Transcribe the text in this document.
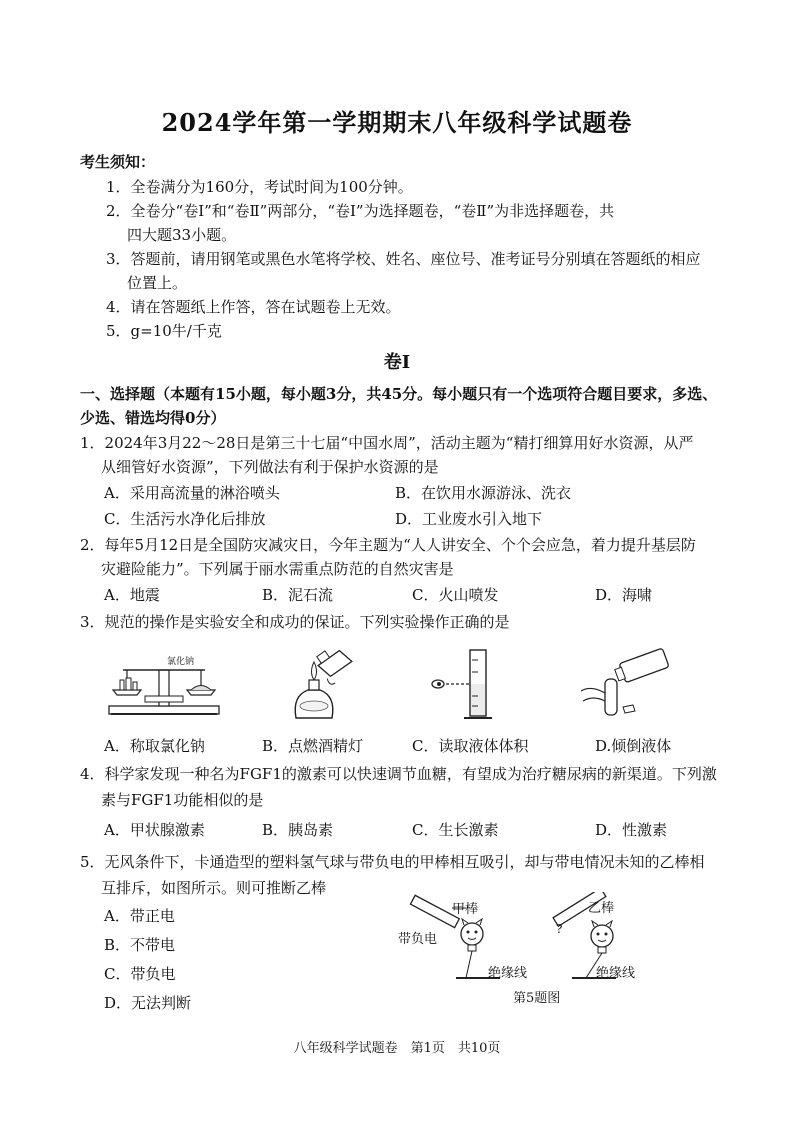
2024学年第一学期期末八年级科学试题卷
考生须知：
1．全卷满分为160分，考试时间为100分钟。
2．全卷分“卷Ⅰ”和“卷Ⅱ”两部分，“卷Ⅰ”为选择题卷，“卷Ⅱ”为非选择题卷，共
四大题33小题。
3．答题前，请用钢笔或黑色水笔将学校、姓名、座位号、准考证号分别填在答题纸的相应
位置上。
4．请在答题纸上作答，答在试题卷上无效。
5．g=10牛/千克
卷Ⅰ
一、选择题（本题有15小题，每小题3分，共45分。每小题只有一个选项符合题目要求，多选、
少选、错选均得0分）
1．2024年3月22～28日是第三十七届“中国水周”，活动主题为“精打细算用好水资源，从严
从细管好水资源”，下列做法有利于保护水资源的是
A．采用高流量的淋浴喷头	B．在饮用水源游泳、洗衣
C．生活污水净化后排放	D．工业废水引入地下
2．每年5月12日是全国防灾减灾日，今年主题为“人人讲安全、个个会应急，着力提升基层防
灾避险能力”。下列属于丽水需重点防范的自然灾害是
A．地震	B．泥石流	C．火山喷发	D．海啸
3．规范的操作是实验安全和成功的保证。下列实验操作正确的是
氯化钠
A．称取氯化钠	B．点燃酒精灯	C．读取液体体积	D.倾倒液体
4．科学家发现一种名为FGF1的激素可以快速调节血糖，有望成为治疗糖尿病的新渠道。下列激
素与FGF1功能相似的是
A．甲状腺激素	B．胰岛素	C．生长激素	D．性激素
5．无风条件下，卡通造型的塑料氢气球与带负电的甲棒相互吸引，却与带电情况未知的乙棒相
互排斥，如图所示。则可推断乙棒
A．带正电
B．不带电
C．带负电
D．无法判断
甲棒	乙棒
带负电
?
绝缘线	绝缘线
第5题图
八年级科学试题卷　第1页　共10页
